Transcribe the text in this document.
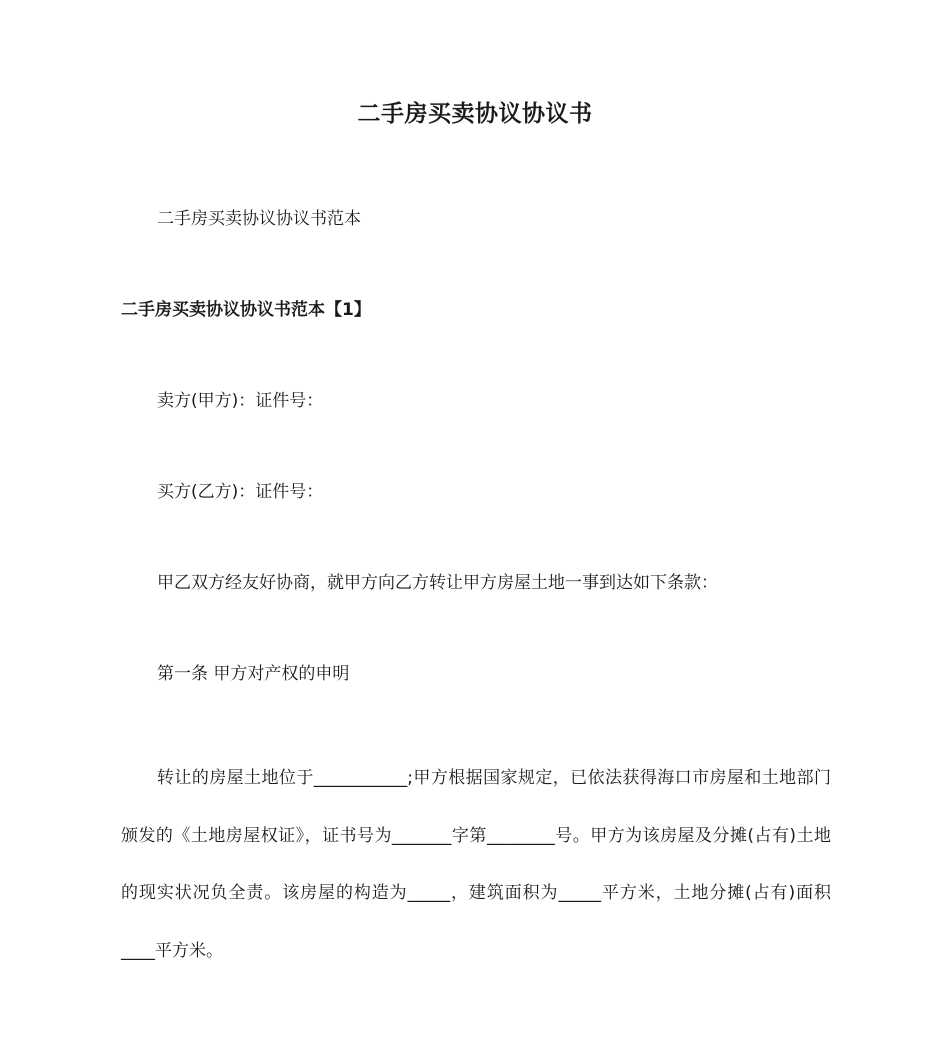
二手房买卖协议协议书
二手房买卖协议协议书范本
二手房买卖协议协议书范本【1】
卖方(甲方)：证件号：
买方(乙方)：证件号：
甲乙双方经友好协商，就甲方向乙方转让甲方房屋土地一事到达如下条款：
第一条 甲方对产权的申明
转让的房屋土地位于___________;甲方根据国家规定，已依法获得海口市房屋和土地部门颁发的《土地房屋权证》，证书号为_______字第________号。甲方为该房屋及分摊(占有)土地的现实状况负全责。该房屋的构造为_____，建筑面积为_____平方米，土地分摊(占有)面积____平方米。
